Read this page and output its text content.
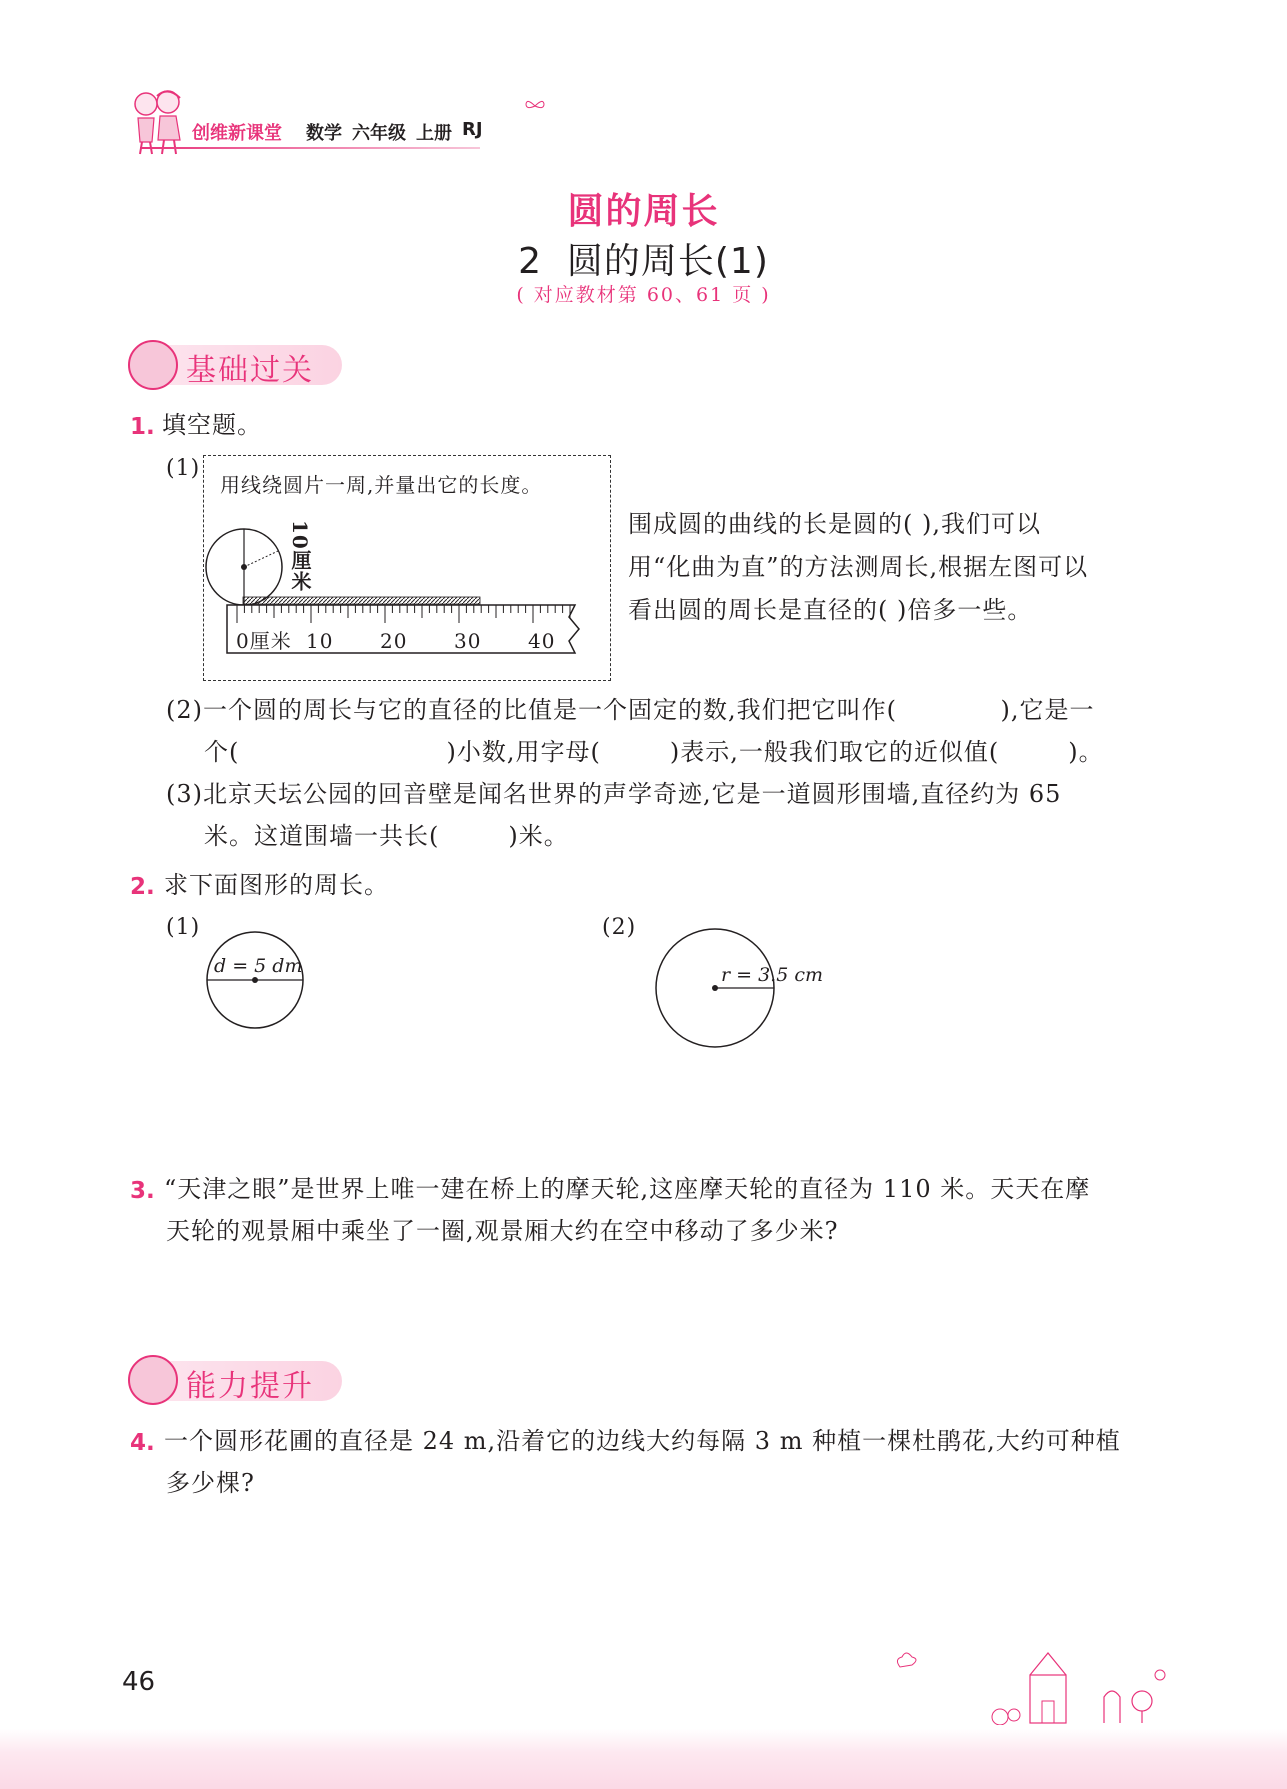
创维新课堂 数学 六年级 上册 RJ
圆的周长
2  圆的周长(1)
( 对应教材第 60、61 页 )
基础过关
1. 填空题。
(1)
用线绕圆片一周,并量出它的长度。
0厘米 10 20 30 40
10厘米	围成圆的曲线的长是圆的( ),我们可以
用“化曲为直”的方法测周长,根据左图可以
看出圆的周长是直径的( )倍多一些。
(2)一个圆的周长与它的直径的比值是一个固定的数,我们把它叫作(            ),它是一
个(                        )小数,用字母(        )表示,一般我们取它的近似值(        )。
(3)北京天坛公园的回音壁是闻名世界的声学奇迹,它是一道圆形围墙,直径约为 65
米。这道围墙一共长(        )米。
2. 求下面图形的周长。
(1)
d = 5 dm
(2)
r = 3.5 cm
3. “天津之眼”是世界上唯一建在桥上的摩天轮,这座摩天轮的直径为 110 米。天天在摩
天轮的观景厢中乘坐了一圈,观景厢大约在空中移动了多少米?
能力提升
4. 一个圆形花圃的直径是 24 m,沿着它的边线大约每隔 3 m 种植一棵杜鹃花,大约可种植
多少棵?
46
